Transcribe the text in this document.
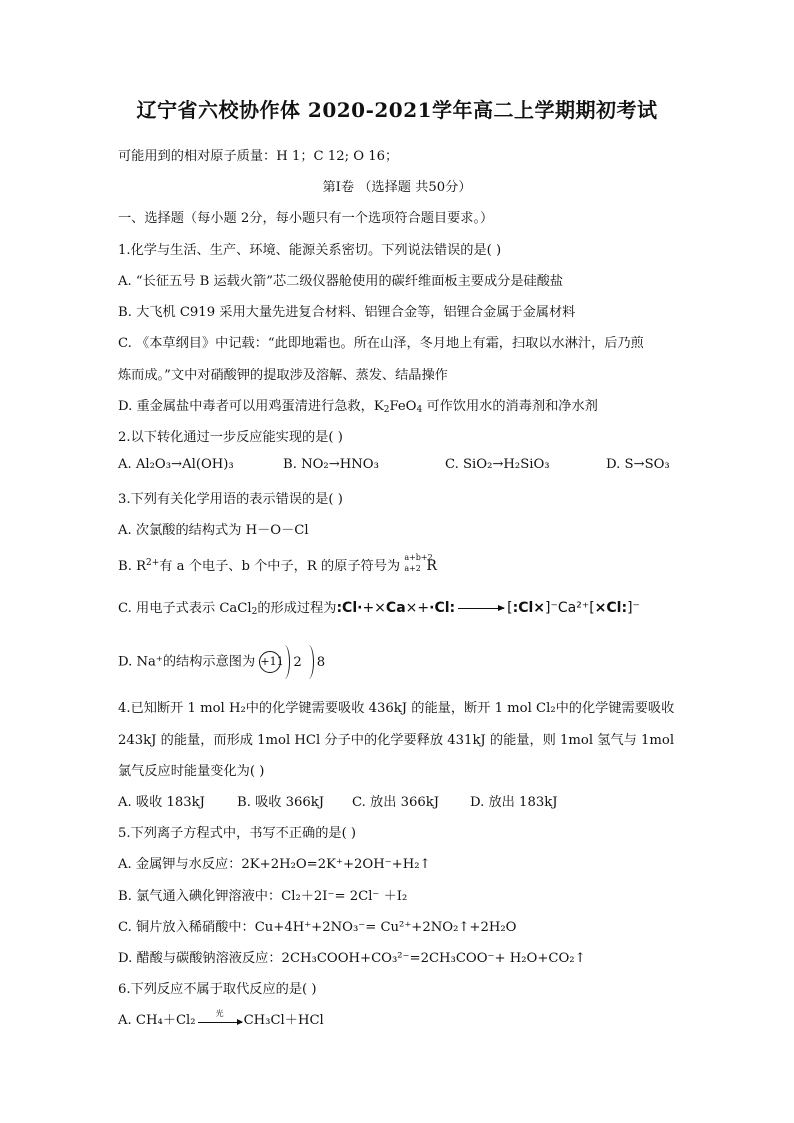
辽宁省六校协作体 2020-2021学年高二上学期期初考试
可能用到的相对原子质量：H 1；C 12; O 16；
第Ⅰ卷 （选择题 共50分）
一、选择题（每小题 2分，每小题只有一个选项符合题目要求。）
1.化学与生活、生产、环境、能源关系密切。下列说法错误的是( )
A. “长征五号 B 运载火箭”芯二级仪器舱使用的碳纤维面板主要成分是硅酸盐
B. 大飞机 C919 采用大量先进复合材料、铝锂合金等，铝锂合金属于金属材料
C. 《本草纲目》中记载：“此即地霜也。所在山泽，冬月地上有霜，扫取以水淋汁，后乃煎
炼而成。”文中对硝酸钾的提取涉及溶解、蒸发、结晶操作
D. 重金属盐中毒者可以用鸡蛋清进行急救，$K_2FeO_4$ 可作饮用水的消毒剂和净水剂
2.以下转化通过一步反应能实现的是( )
A. Al₂O₃→Al(OH)₃	B. NO₂→HNO₃	C. SiO₂→H₂SiO₃	D. S→SO₃
3.下列有关化学用语的表示错误的是( )
A. 次氯酸的结构式为 H－O－Cl
B. $R^{2+}$有 a 个电子、b 个中子，R 的原子符号为
a+b+2
a+2 R
C. 用电子式表示 CaCl$_2$的形成过程为:Cl·+×Ca×+·Cl: → [:Cl×]⁻Ca²⁺[×Cl:]⁻
D. Na⁺的结构示意图为 +11 2 8
4.已知断开 1 mol H₂中的化学键需要吸收 436kJ 的能量，断开 1 mol Cl₂中的化学键需要吸收
243kJ 的能量，而形成 1mol HCl 分子中的化学要释放 431kJ 的能量，则 1mol 氢气与 1mol
氯气反应时能量变化为( )
A. 吸收 183kJ B. 吸收 366kJ C. 放出 366kJ D. 放出 183kJ
5.下列离子方程式中，书写不正确的是( )
A. 金属钾与水反应：2K+2H₂O=2K⁺+2OH⁻+H₂↑
B. 氯气通入碘化钾溶液中：Cl₂＋2I⁻= 2Cl⁻ ＋I₂
C. 铜片放入稀硝酸中：Cu+4H⁺+2NO₃⁻= Cu²⁺+2NO₂↑+2H₂O
D. 醋酸与碳酸钠溶液反应：2CH₃COOH+CO₃²⁻=2CH₃COO⁻+ H₂O+CO₂↑
6.下列反应不属于取代反应的是( )
A. CH₄＋Cl₂	光	CH₃Cl＋HCl
